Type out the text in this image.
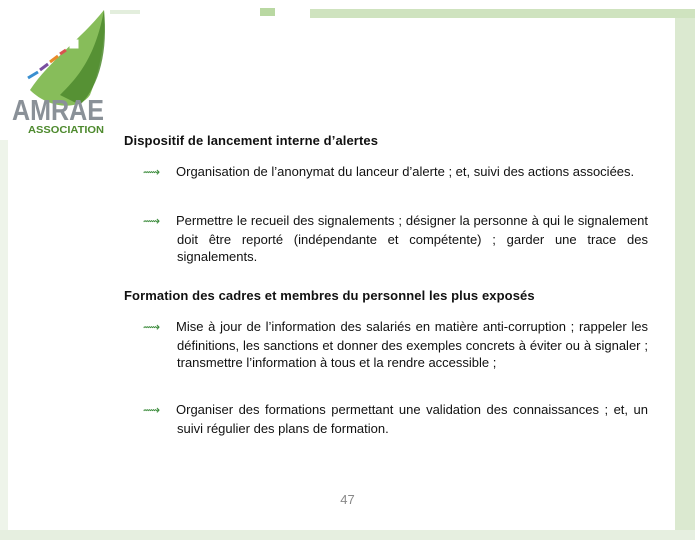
AMRAE
ASSOCIATION
Dispositif de lancement interne d’alertes
⟿ Organisation de l’anonymat du lanceur d’alerte ; et, suivi des actions associées.
⟿ Permettre le recueil des signalements ; désigner la personne à qui le signalement doit être reporté (indépendante et compétente) ; garder une trace des signalements.
Formation des cadres et membres du personnel les plus exposés
⟿ Mise à jour de l’information des salariés en matière anti-corruption ; rappeler les définitions, les sanctions et donner des exemples concrets à éviter ou à signaler ; transmettre l’information à tous et la rendre accessible ;
⟿ Organiser des formations permettant une validation des connaissances ; et, un suivi régulier des plans de formation.
47
